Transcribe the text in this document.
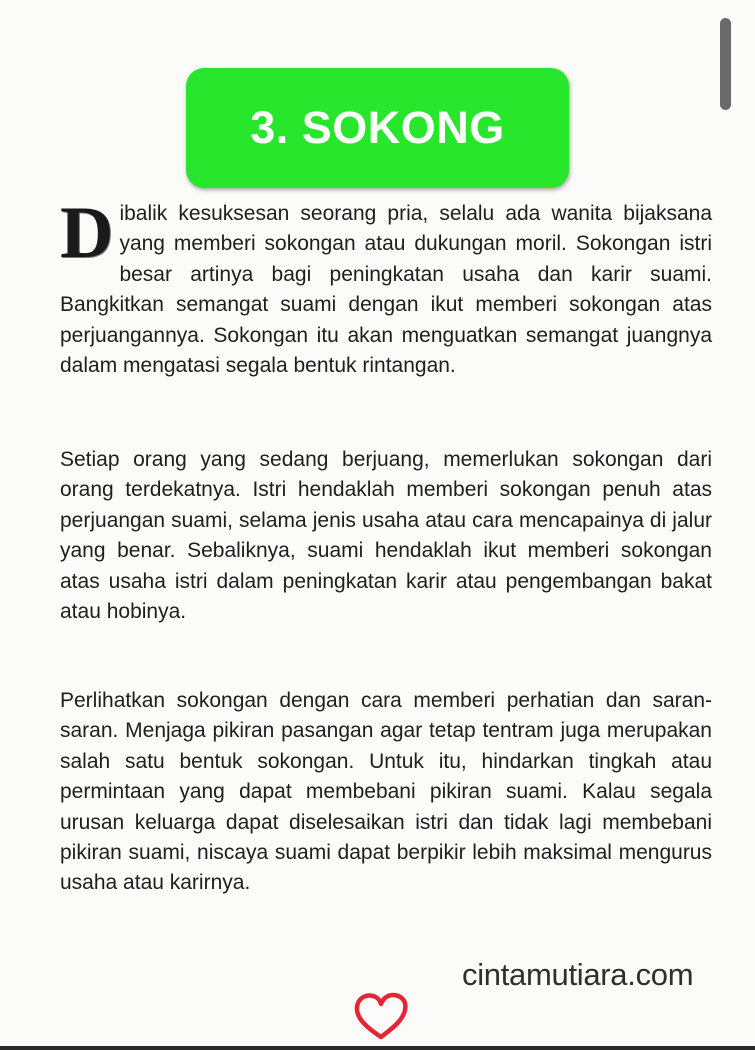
3. SOKONG

Dibalik kesuksesan seorang pria, selalu ada wanita bijaksana yang memberi sokongan atau dukungan moril. Sokongan istri besar artinya bagi peningkatan usaha dan karir suami. Bangkitkan semangat suami dengan ikut memberi sokongan atas perjuangannya. Sokongan itu akan menguatkan semangat juangnya dalam mengatasi segala bentuk rintangan.

Setiap orang yang sedang berjuang, memerlukan sokongan dari orang terdekatnya. Istri hendaklah memberi sokongan penuh atas perjuangan suami, selama jenis usaha atau cara mencapainya di jalur yang benar. Sebaliknya, suami hendaklah ikut memberi sokongan atas usaha istri dalam peningkatan karir atau pengembangan bakat atau hobinya.

Perlihatkan sokongan dengan cara memberi perhatian dan saran-saran. Menjaga pikiran pasangan agar tetap tentram juga merupakan salah satu bentuk sokongan. Untuk itu, hindarkan tingkah atau permintaan yang dapat membebani pikiran suami. Kalau segala urusan keluarga dapat diselesaikan istri dan tidak lagi membebani pikiran suami, niscaya suami dapat berpikir lebih maksimal mengurus usaha atau karirnya.

cintamutiara.com
